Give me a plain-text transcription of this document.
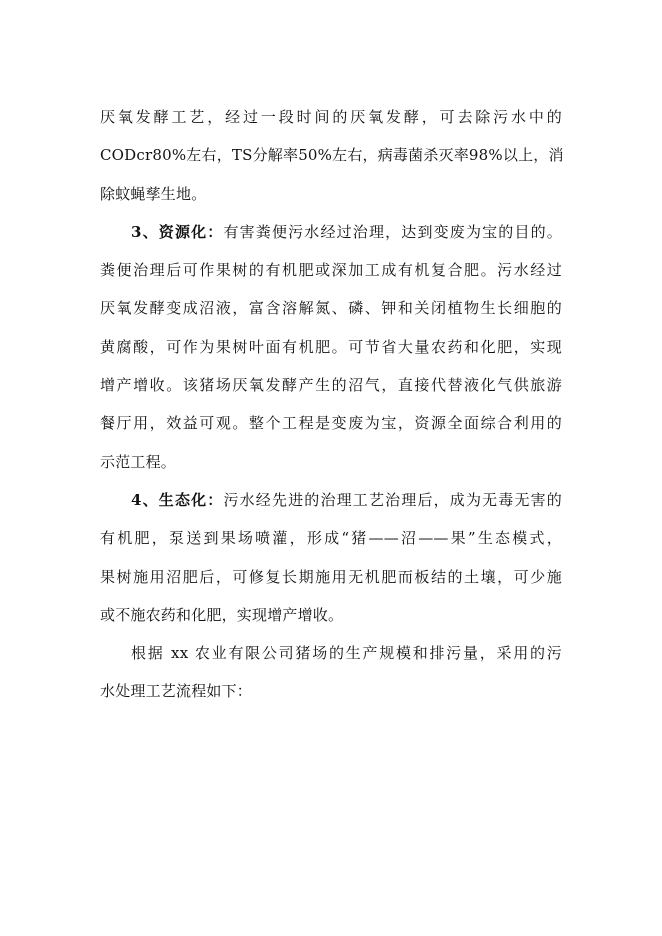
厌氧发酵工艺，经过一段时间的厌氧发酵，可去除污水中的
CODcr80%左右，TS分解率50%左右，病毒菌杀灭率98%以上，消
除蚊蝇孳生地。
3、资源化：有害粪便污水经过治理，达到变废为宝的目的。
粪便治理后可作果树的有机肥或深加工成有机复合肥。污水经过
厌氧发酵变成沼液，富含溶解氮、磷、钾和关闭植物生长细胞的
黄腐酸，可作为果树叶面有机肥。可节省大量农药和化肥，实现
增产增收。该猪场厌氧发酵产生的沼气，直接代替液化气供旅游
餐厅用，效益可观。整个工程是变废为宝，资源全面综合利用的
示范工程。
4、生态化：污水经先进的治理工艺治理后，成为无毒无害的
有机肥，泵送到果场喷灌，形成“猪——沼——果”生态模式，
果树施用沼肥后，可修复长期施用无机肥而板结的土壤，可少施
或不施农药和化肥，实现增产增收。
根据 xx 农业有限公司猪场的生产规模和排污量，采用的污
水处理工艺流程如下：
